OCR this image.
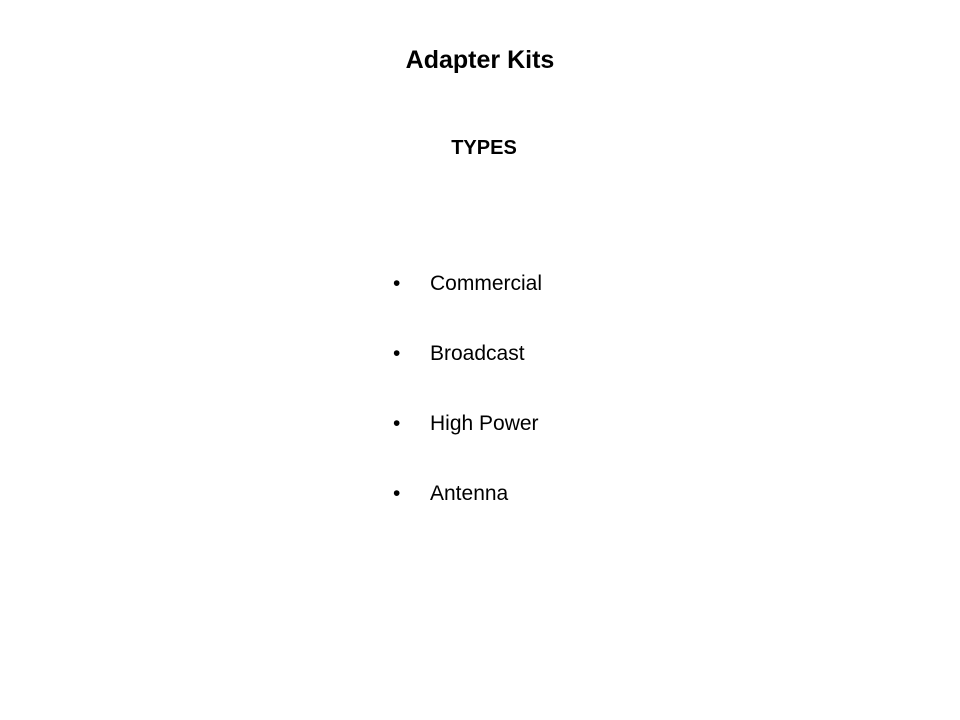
Adapter Kits
TYPES
•	Commercial
•	Broadcast
•	High Power
•	Antenna
